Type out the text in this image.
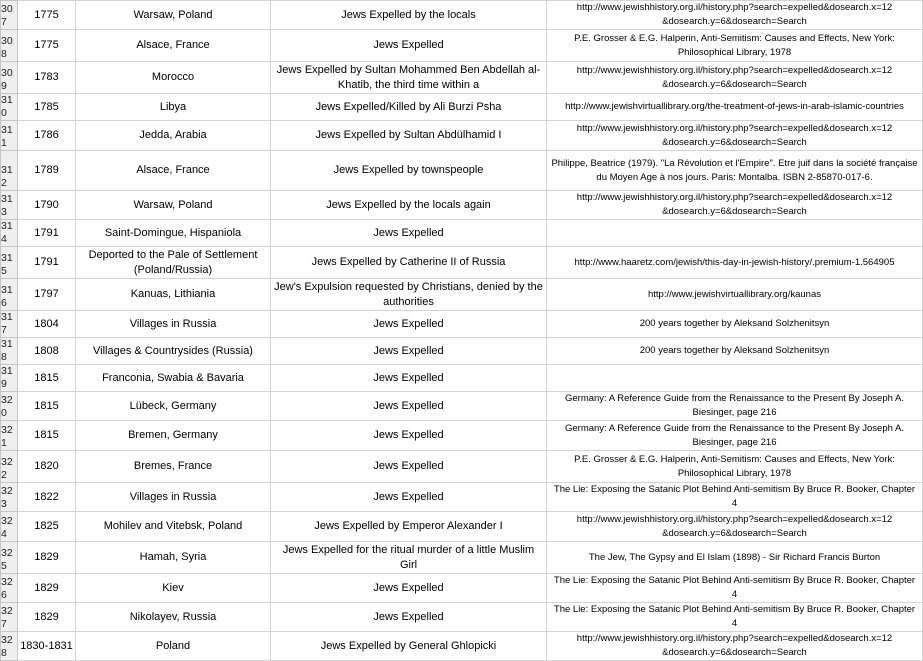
307	1775	Warsaw, Poland	Jews Expelled by the locals	http://www.jewishhistory.org.il/history.php?search=expelled&dosearch.x=12 &dosearch.y=6&dosearch=Search
308	1775	Alsace, France	Jews Expelled	P.E. Grosser & E.G. Halperin, Anti-Semitism: Causes and Effects, New York: Philosophical Library, 1978
309	1783	Morocco	Jews Expelled by Sultan Mohammed Ben Abdellah al-Khatib, the third time within a	http://www.jewishhistory.org.il/history.php?search=expelled&dosearch.x=12 &dosearch.y=6&dosearch=Search
310	1785	Libya	Jews Expelled/Killed by Ali Burzi Psha	http://www.jewishvirtuallibrary.org/the-treatment-of-jews-in-arab-islamic-countries
311	1786	Jedda, Arabia	Jews Expelled by Sultan Abdülhamid I	http://www.jewishhistory.org.il/history.php?search=expelled&dosearch.x=12 &dosearch.y=6&dosearch=Search
312	1789	Alsace, France	Jews Expelled by townspeople	Philippe, Beatrice (1979). "La Révolution et l'Empire". Etre juif dans la société française du Moyen Age à nos jours. Paris: Montalba. ISBN 2-85870-017-6.
313	1790	Warsaw, Poland	Jews Expelled by the locals again	http://www.jewishhistory.org.il/history.php?search=expelled&dosearch.x=12 &dosearch.y=6&dosearch=Search
314	1791	Saint-Domingue, Hispaniola	Jews Expelled	
315	1791	Deported to the Pale of Settlement (Poland/Russia)	Jews Expelled by Catherine II of Russia	http://www.haaretz.com/jewish/this-day-in-jewish-history/.premium-1.564905
316	1797	Kanuas, Lithiania	Jew's Expulsion requested by Christians, denied by the authorities	http://www.jewishvirtuallibrary.org/kaunas
317	1804	Villages in Russia	Jews Expelled	200 years together by Aleksand Solzhenitsyn
318	1808	Villages & Countrysides (Russia)	Jews Expelled	200 years together by Aleksand Solzhenitsyn
319	1815	Franconia, Swabia & Bavaria	Jews Expelled	
320	1815	Lübeck, Germany	Jews Expelled	Germany: A Reference Guide from the Renaissance to the Present By Joseph A. Biesinger, page 216
321	1815	Bremen, Germany	Jews Expelled	Germany: A Reference Guide from the Renaissance to the Present By Joseph A. Biesinger, page 216
322	1820	Bremes, France	Jews Expelled	P.E. Grosser & E.G. Halperin, Anti-Semitism: Causes and Effects, New York: Philosophical Library, 1978
323	1822	Villages in Russia	Jews Expelled	The Lie: Exposing the Satanic Plot Behind Anti-semitism By Bruce R. Booker, Chapter 4
324	1825	Mohilev and Vitebsk, Poland	Jews Expelled by Emperor Alexander I	http://www.jewishhistory.org.il/history.php?search=expelled&dosearch.x=12 &dosearch.y=6&dosearch=Search
325	1829	Hamah, Syria	Jews Expelled for the ritual murder of a little Muslim Girl	The Jew, The Gypsy and El Islam (1898) - Sir Richard Francis Burton
326	1829	Kiev	Jews Expelled	The Lie: Exposing the Satanic Plot Behind Anti-semitism By Bruce R. Booker, Chapter 4
327	1829	Nikolayev, Russia	Jews Expelled	The Lie: Exposing the Satanic Plot Behind Anti-semitism By Bruce R. Booker, Chapter 4
328	1830-1831	Poland	Jews Expelled by General Ghlopicki	http://www.jewishhistory.org.il/history.php?search=expelled&dosearch.x=12 &dosearch.y=6&dosearch=Search
